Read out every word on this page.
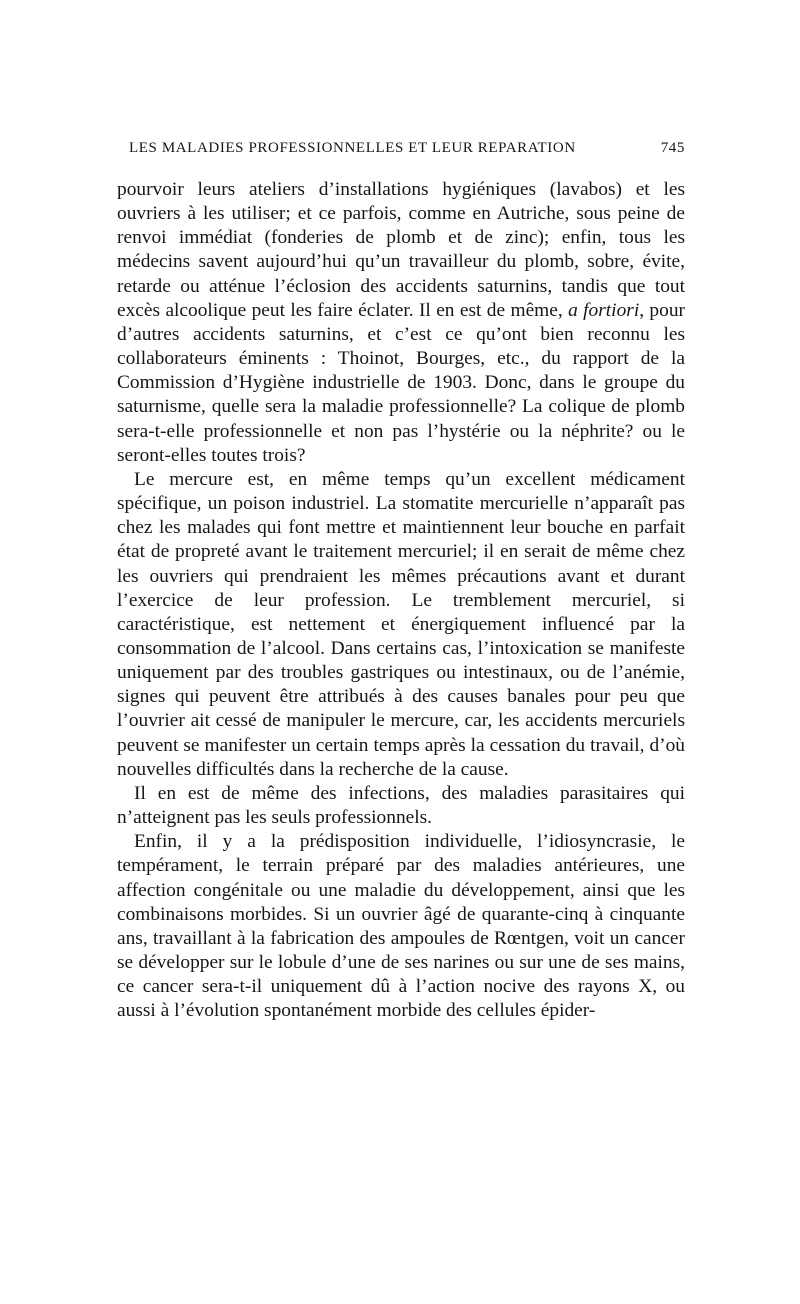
LES MALADIES PROFESSIONNELLES ET LEUR REPARATION	745

pourvoir leurs ateliers d’installations hygiéniques (lavabos) et les ouvriers à les utiliser; et ce parfois, comme en Autriche, sous peine de renvoi immédiat (fonderies de plomb et de zinc); enfin, tous les médecins savent aujourd’hui qu’un travailleur du plomb, sobre, évite, retarde ou atténue l’éclosion des accidents saturnins, tandis que tout excès alcoolique peut les faire éclater. Il en est de même, a fortiori, pour d’autres accidents saturnins, et c’est ce qu’ont bien reconnu les collaborateurs éminents : Thoinot, Bourges, etc., du rapport de la Commission d’Hygiène industrielle de 1903. Donc, dans le groupe du saturnisme, quelle sera la maladie professionnelle? La colique de plomb sera-t-elle professionnelle et non pas l’hystérie ou la néphrite? ou le seront-elles toutes trois?

Le mercure est, en même temps qu’un excellent médicament spécifique, un poison industriel. La stomatite mercurielle n’apparaît pas chez les malades qui font mettre et maintiennent leur bouche en parfait état de propreté avant le traitement mercuriel; il en serait de même chez les ouvriers qui prendraient les mêmes précautions avant et durant l’exercice de leur profession. Le tremblement mercuriel, si caractéristique, est nettement et énergiquement influencé par la consommation de l’alcool. Dans certains cas, l’intoxication se manifeste uniquement par des troubles gastriques ou intestinaux, ou de l’anémie, signes qui peuvent être attribués à des causes banales pour peu que l’ouvrier ait cessé de manipuler le mercure, car, les accidents mercuriels peuvent se manifester un certain temps après la cessation du travail, d’où nouvelles difficultés dans la recherche de la cause.

Il en est de même des infections, des maladies parasitaires qui n’atteignent pas les seuls professionnels.

Enfin, il y a la prédisposition individuelle, l’idiosyncrasie, le tempérament, le terrain préparé par des maladies antérieures, une affection congénitale ou une maladie du développement, ainsi que les combinaisons morbides. Si un ouvrier âgé de quarante-cinq à cinquante ans, travaillant à la fabrication des ampoules de Rœntgen, voit un cancer se développer sur le lobule d’une de ses narines ou sur une de ses mains, ce cancer sera-t-il uniquement dû à l’action nocive des rayons X, ou aussi à l’évolution spontanément morbide des cellules épider-
